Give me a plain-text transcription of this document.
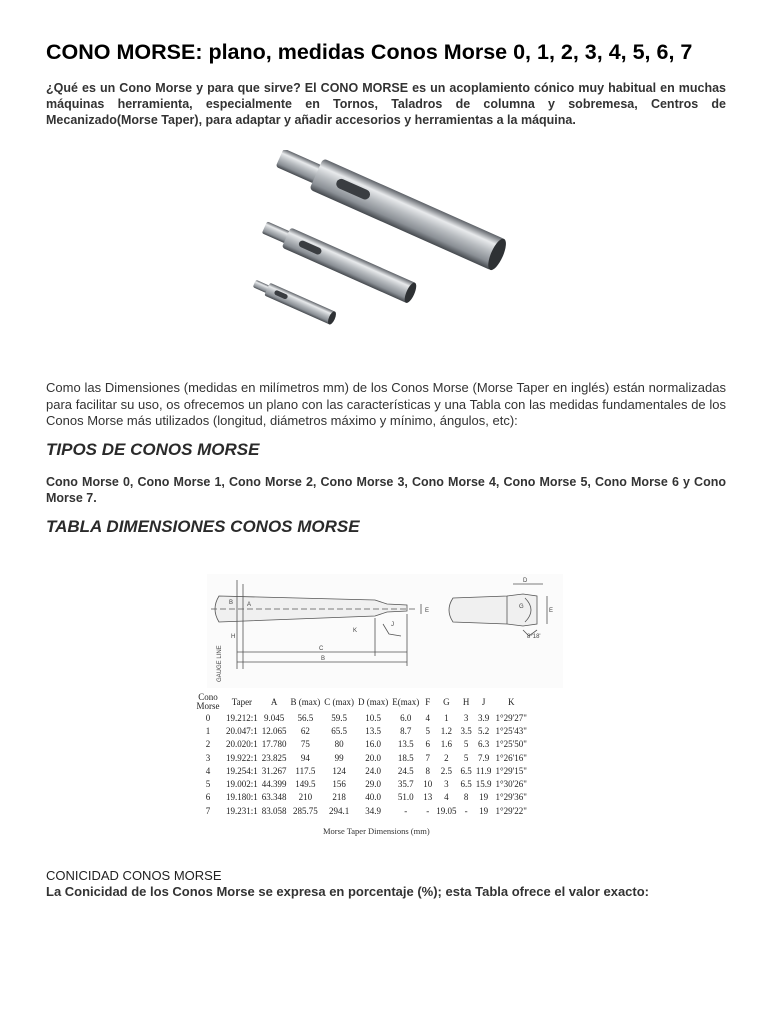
CONO MORSE: plano, medidas Conos Morse 0, 1, 2, 3, 4, 5, 6, 7

¿Qué es un Cono Morse y para que sirve? El CONO MORSE es un acoplamiento cónico muy habitual en muchas máquinas herramienta, especialmente en Tornos, Taladros de columna y sobremesa, Centros de Mecanizado(Morse Taper), para adaptar y añadir accesorios y herramientas a la máquina.

Como las Dimensiones (medidas en milímetros mm) de los Conos Morse (Morse Taper en inglés) están normalizadas para facilitar su uso, os ofrecemos un plano con las características y una Tabla con las medidas fundamentales de los Conos Morse más utilizados (longitud, diámetros máximo y mínimo, ángulos, etc):

TIPOS DE CONOS MORSE

Cono Morse 0, Cono Morse 1, Cono Morse 2, Cono Morse 3, Cono Morse 4, Cono Morse 5, Cono Morse 6 y Cono Morse 7.

TABLA DIMENSIONES CONOS MORSE
B A
C
B
H
K
J
E
D
G
E
8°18'
GAUGE LINE
Cono Morse	Taper	A	B (max)	C (max)	D (max)	E(max)	F	G	H	J	K
0	19.212:1	9.045	56.5	59.5	10.5	6.0	4	1	3	3.9	1°29'27"
1	20.047:1	12.065	62	65.5	13.5	8.7	5	1.2	3.5	5.2	1°25'43"
2	20.020:1	17.780	75	80	16.0	13.5	6	1.6	5	6.3	1°25'50"
3	19.922:1	23.825	94	99	20.0	18.5	7	2	5	7.9	1°26'16"
4	19.254:1	31.267	117.5	124	24.0	24.5	8	2.5	6.5	11.9	1°29'15"
5	19.002:1	44.399	149.5	156	29.0	35.7	10	3	6.5	15.9	1°30'26"
6	19.180:1	63.348	210	218	40.0	51.0	13	4	8	19	1°29'36"
7	19.231:1	83.058	285.75	294.1	34.9	-	-	19.05	-	19	1°29'22"
Morse Taper Dimensions (mm)

CONICIDAD CONOS MORSE

La Conicidad de los Conos Morse se expresa en porcentaje (%); esta Tabla ofrece el valor exacto:
